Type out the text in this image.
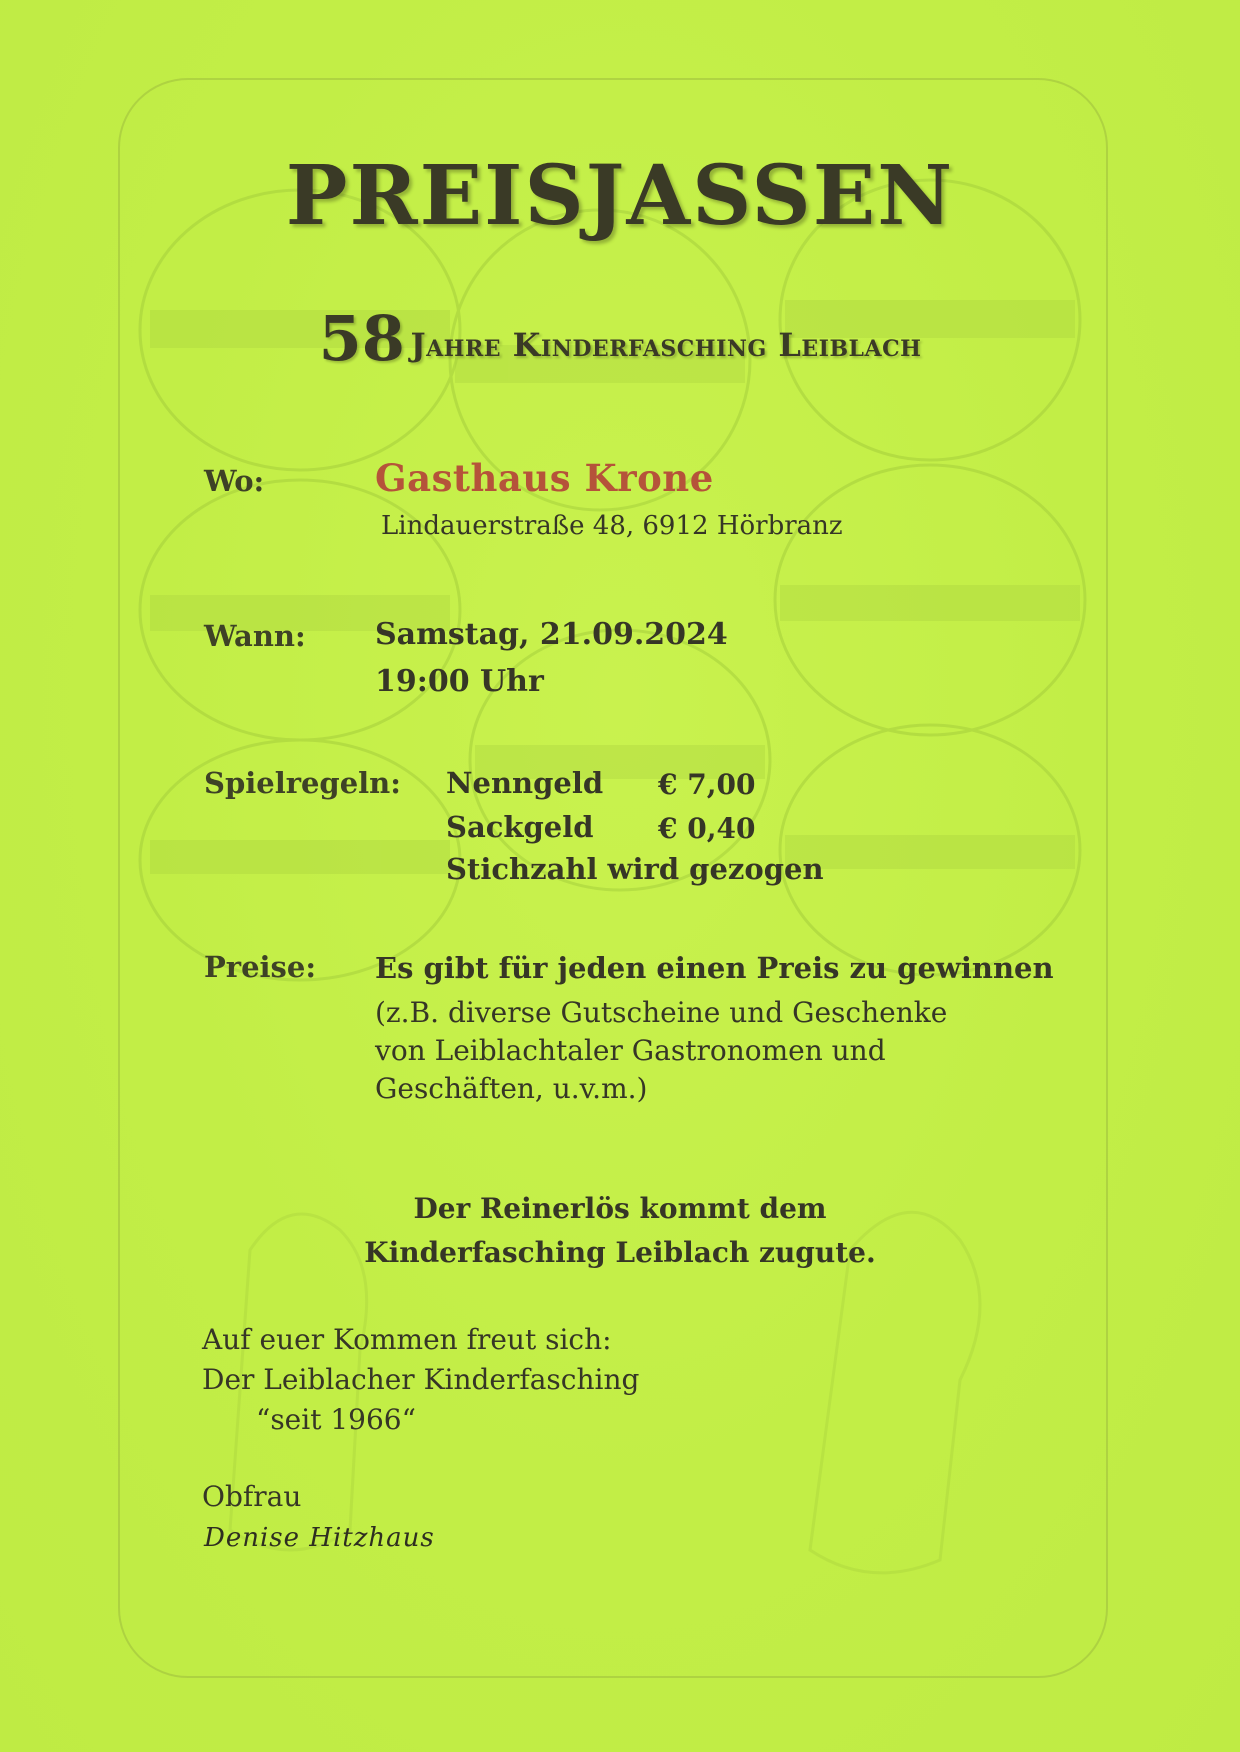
PREISJASSEN
58 Jahre Kinderfasching Leiblach
Wo:	Gasthaus Krone
Lindauerstraße 48, 6912 Hörbranz
Wann: Samstag, 21.09.2024
19:00 Uhr
Spielregeln: Nenngeld € 7,00
Sackgeld € 0,40
Stichzahl wird gezogen
Preise: Es gibt für jeden einen Preis zu gewinnen
(z.B. diverse Gutscheine und Geschenke
von Leiblachtaler Gastronomen und
Geschäften, u.v.m.)
Der Reinerlös kommt dem
Kinderfasching Leiblach zugute.
Auf euer Kommen freut sich:
Der Leiblacher Kinderfasching
“seit 1966“
Obfrau
Denise Hitzhaus
